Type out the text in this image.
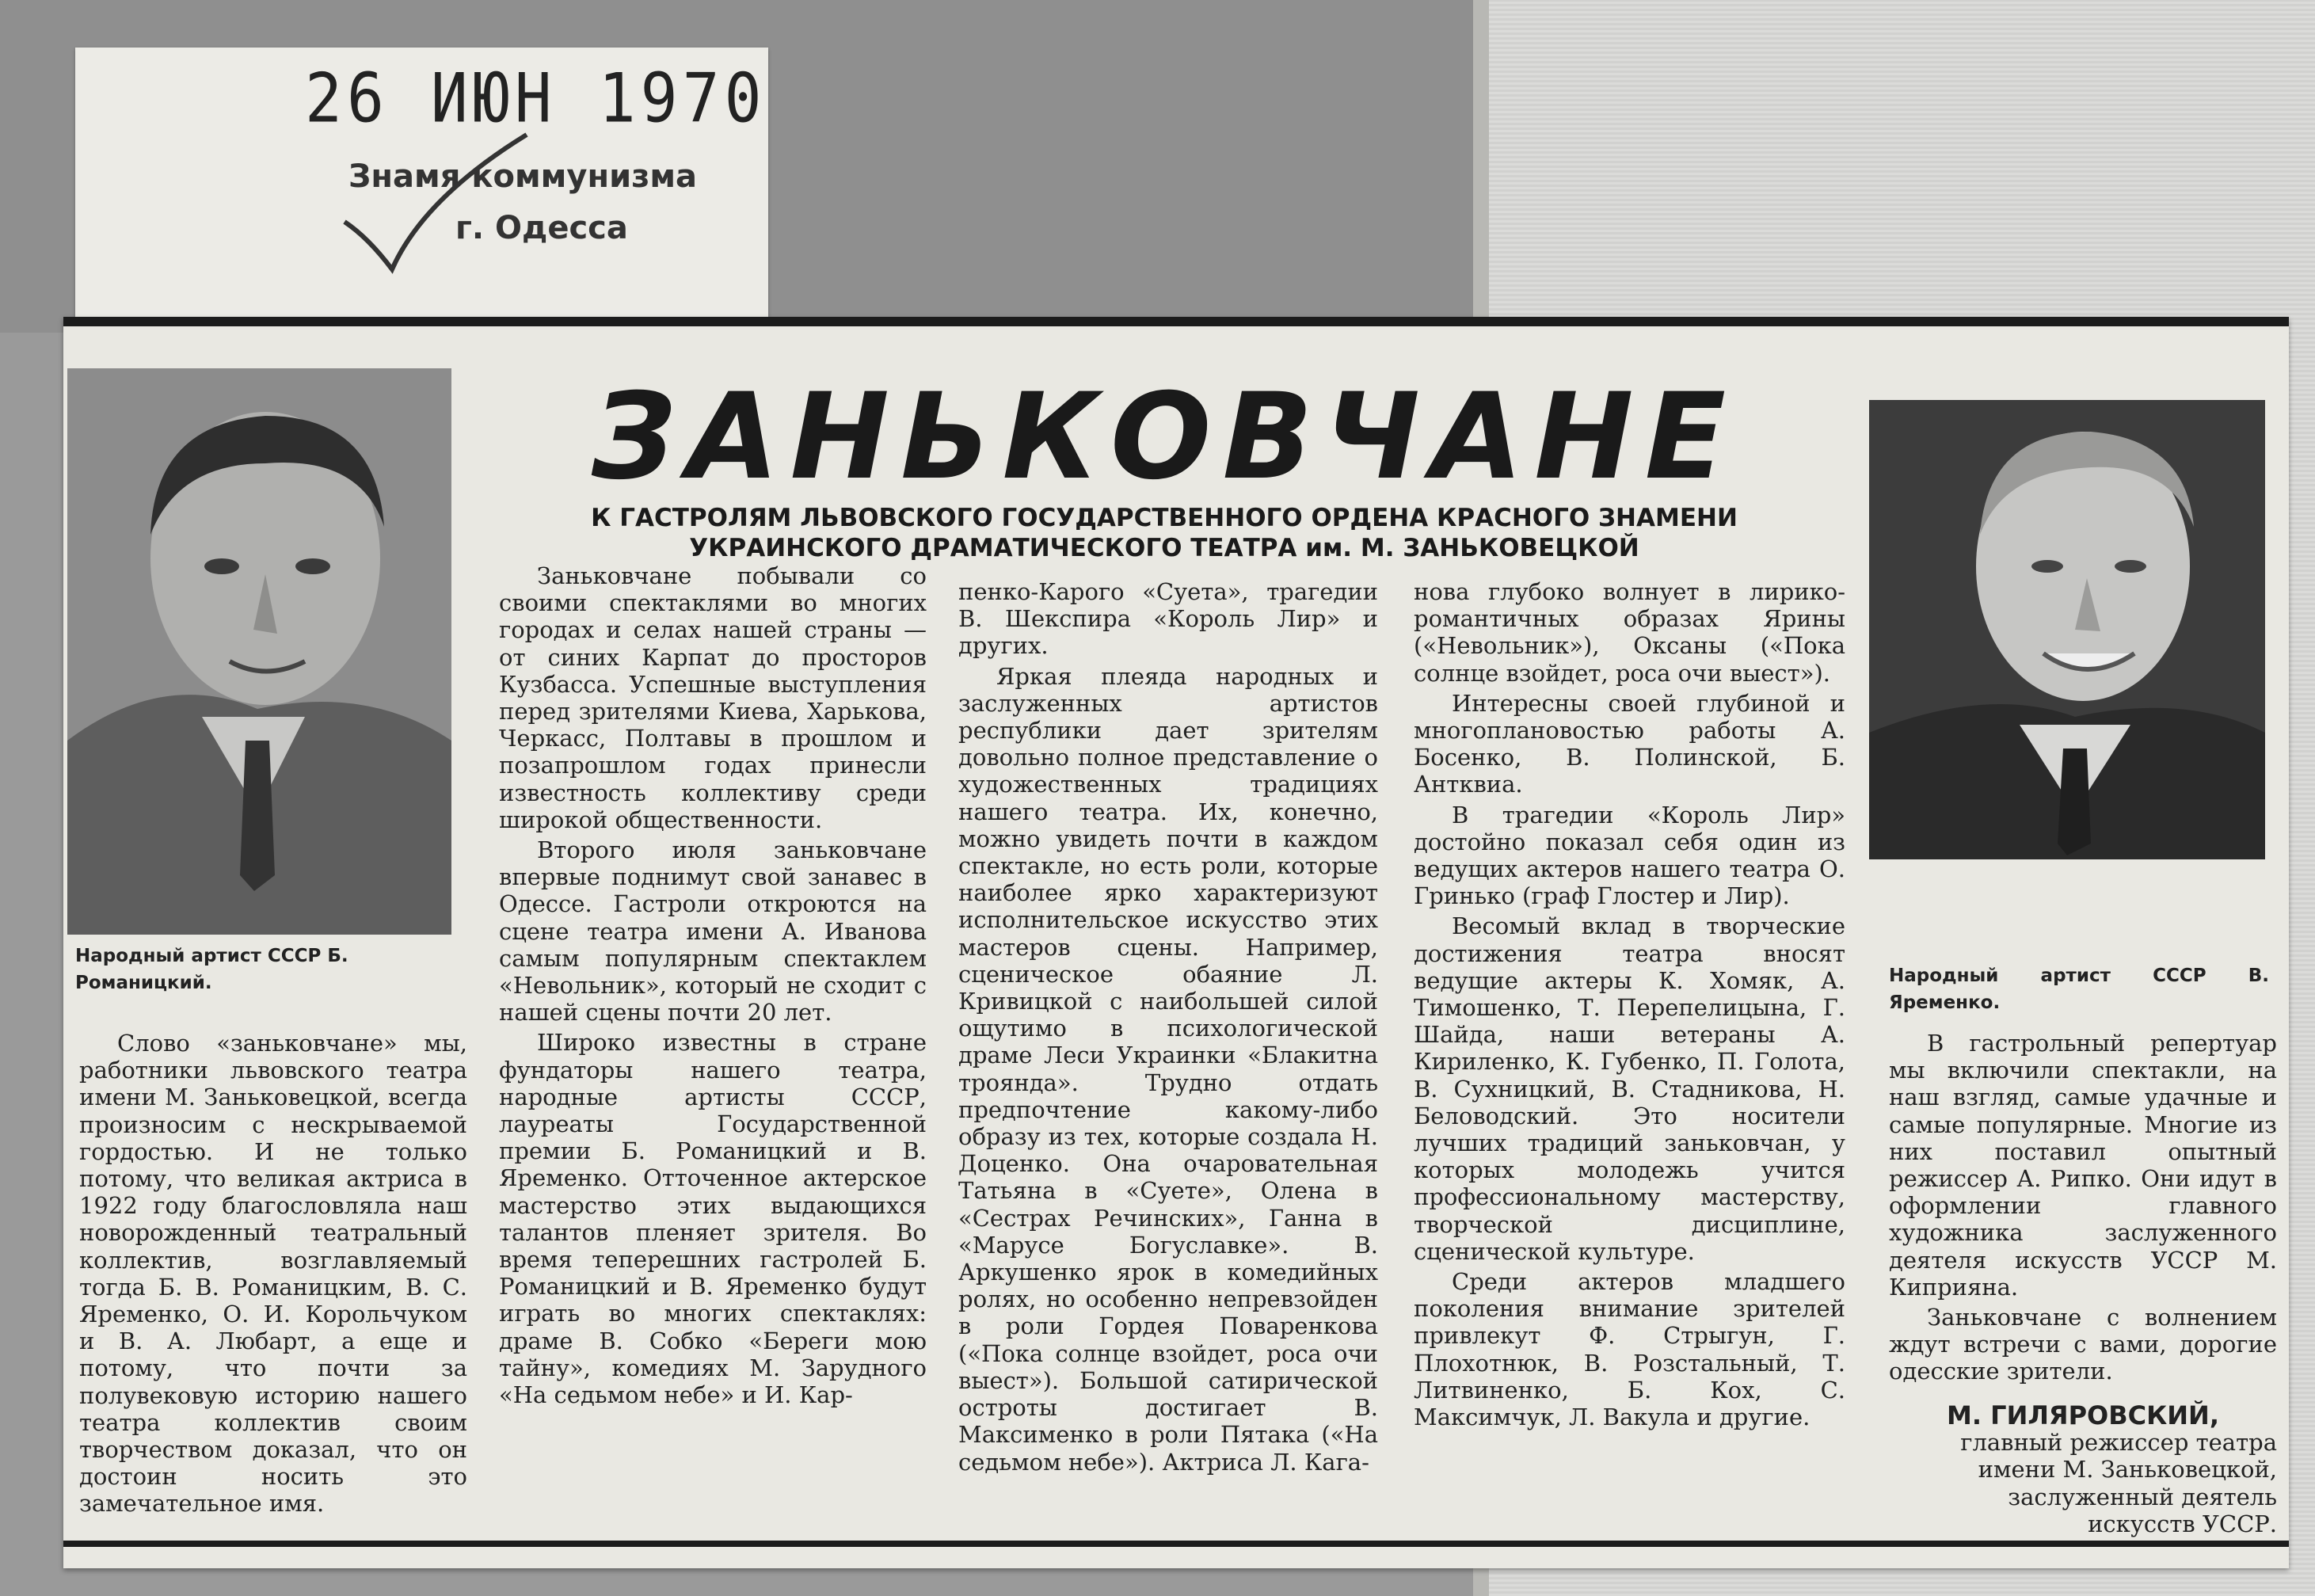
26 ИЮН 1970
Знамя коммунизма
г. Одесса
ЗАНЬКОВЧАНЕ
К ГАСТРОЛЯМ ЛЬВОВСКОГО ГОСУДАРСТВЕННОГО ОРДЕНА КРАСНОГО ЗНАМЕНИ
УКРАИНСКОГО ДРАМАТИЧЕСКОГО ТЕАТРА им. М. ЗАНЬКОВЕЦКОЙ
Народный артист СССР Б. Романицкий.	Народный артист СССР В. Яременко.

Слово «заньковчане» мы, работники львовского театра имени М. Заньковецкой, всегда произносим с нескрываемой гордостью. И не только потому, что великая актриса в 1922 году благословляла наш новорожденный театральный коллектив, возглавляемый тогда Б. В. Романицким, В. С. Яременко, О. И. Корольчуком и В. А. Любарт, а еще и потому, что почти за полувековую историю нашего театра коллектив своим творчеством доказал, что он достоин носить это замечательное имя.

Заньковчане побывали со своими спектаклями во многих городах и селах нашей страны — от синих Карпат до просторов Кузбасса. Успешные выступления перед зрителями Киева, Харькова, Черкасс, Полтавы в прошлом и позапрошлом годах принесли известность коллективу среди широкой общественности.

Второго июля заньковчане впервые поднимут свой занавес в Одессе. Гастроли откроются на сцене театра имени А. Иванова самым популярным спектаклем «Невольник», который не сходит с нашей сцены почти 20 лет.

Широко известны в стране фундаторы нашего театра, народные артисты СССР, лауреаты Государственной премии Б. Романицкий и В. Яременко. Отточенное актерское мастерство этих выдающихся талантов пленяет зрителя. Во время теперешних гастролей Б. Романицкий и В. Яременко будут играть во многих спектаклях: драме В. Собко «Береги мою тайну», комедиях М. Зарудного «На седьмом небе» и И. Кар-

пенко-Карого «Суета», трагедии В. Шекспира «Король Лир» и других.

Яркая плеяда народных и заслуженных артистов республики дает зрителям довольно полное представление о художественных традициях нашего театра. Их, конечно, можно увидеть почти в каждом спектакле, но есть роли, которые наиболее ярко характеризуют исполнительское искусство этих мастеров сцены. Например, сценическое обаяние Л. Кривицкой с наибольшей силой ощутимо в психологической драме Леси Украинки «Блакитна троянда». Трудно отдать предпочтение какому-либо образу из тех, которые создала Н. Доценко. Она очаровательная Татьяна в «Суете», Олена в «Сестрах Речинских», Ганна в «Марусе Богуславке». В. Аркушенко ярок в комедийных ролях, но особенно непревзойден в роли Гордея Поваренкова («Пока солнце взойдет, роса очи выест»). Большой сатирической остроты достигает В. Максименко в роли Пятака («На седьмом небе»). Актриса Л. Кага-

нова глубоко волнует в лирико-романтичных образах Ярины («Невольник»), Оксаны («Пока солнце взойдет, роса очи выест»).

Интересны своей глубиной и многоплановостью работы А. Босенко, В. Полинской, Б. Антквиа.

В трагедии «Король Лир» достойно показал себя один из ведущих актеров нашего театра О. Гринько (граф Глостер и Лир).

Весомый вклад в творческие достижения театра вносят ведущие актеры К. Хомяк, А. Тимошенко, Т. Перепелицына, Г. Шайда, наши ветераны А. Кириленко, К. Губенко, П. Голота, В. Сухницкий, В. Стадникова, Н. Беловодский. Это носители лучших традиций заньковчан, у которых молодежь учится профессиональному мастерству, творческой дисциплине, сценической культуре.

Среди актеров младшего поколения внимание зрителей привлекут Ф. Стрыгун, Г. Плохотнюк, В. Розстальный, Т. Литвиненко, Б. Кох, С. Максимчук, Л. Вакула и другие.

В гастрольный репертуар мы включили спектакли, на наш взгляд, самые удачные и самые популярные. Многие из них поставил опытный режиссер А. Рипко. Они идут в оформлении главного художника заслуженного деятеля искусств УССР М. Киприяна.

Заньковчане с волнением ждут встречи с вами, дорогие одесские зрители.

М. ГИЛЯРОВСКИЙ,
главный режиссер театра имени М. Заньковецкой, заслуженный деятель искусств УССР.
